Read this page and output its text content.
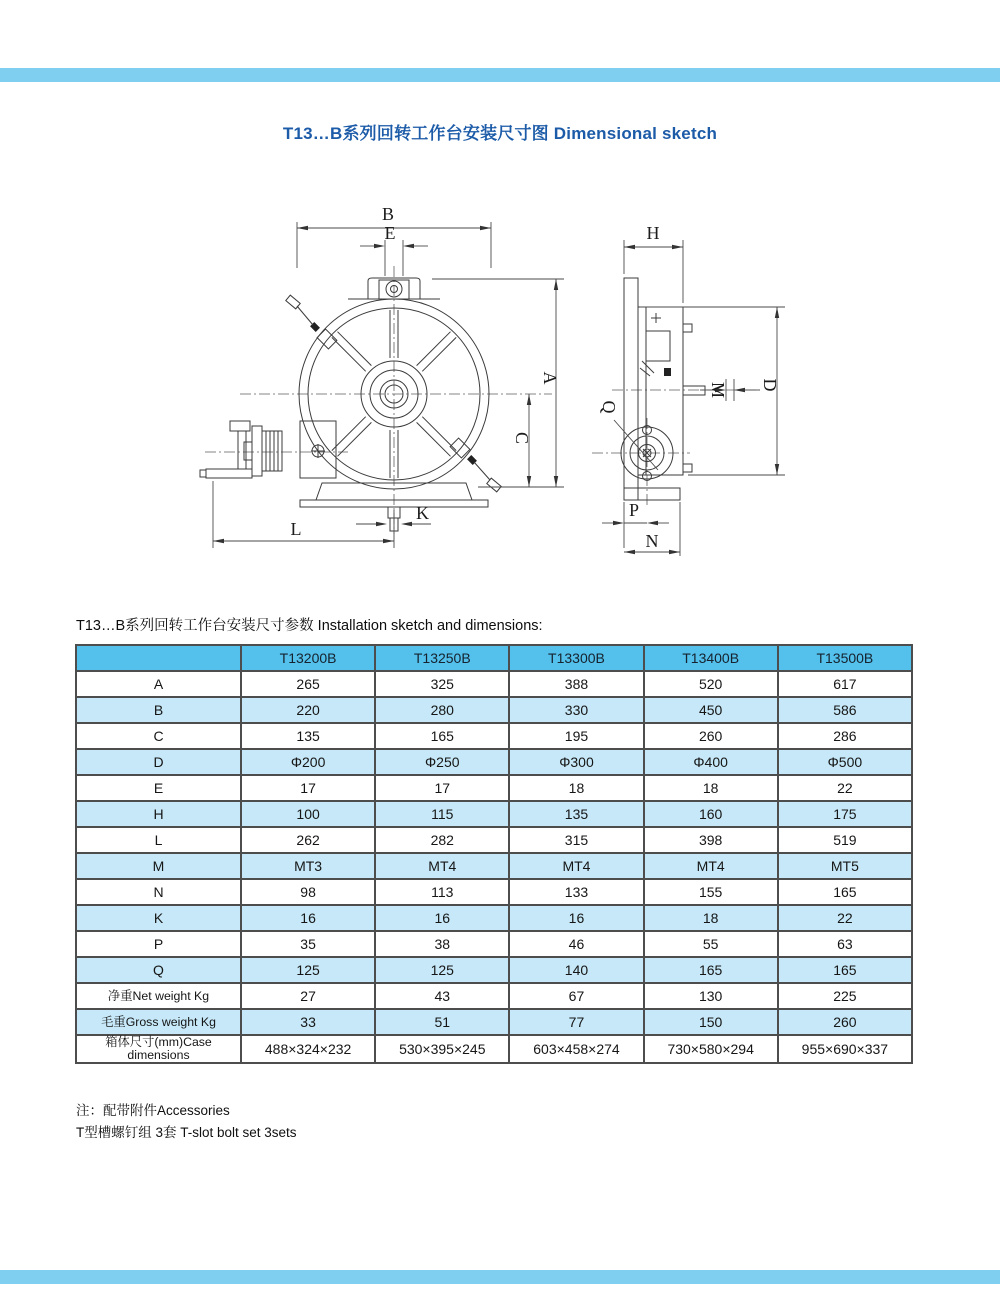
T13…B系列回转工作台安装尺寸图 Dimensional sketch
B
E
A
C
K
L
H
D
M
Q
P
N
T13…B系列回转工作台安装尺寸参数 Installation sketch and dimensions:
	T13200B	T13250B	T13300B	T13400B	T13500B
A	265	325	388	520	617
B	220	280	330	450	586
C	135	165	195	260	286
D	Φ200	Φ250	Φ300	Φ400	Φ500
E	17	17	18	18	22
H	100	115	135	160	175
L	262	282	315	398	519
M	MT3	MT4	MT4	MT4	MT5
N	98	113	133	155	165
K	16	16	16	18	22
P	35	38	46	55	63
Q	125	125	140	165	165
净重Net weight Kg	27	43	67	130	225
毛重Gross weight Kg	33	51	77	150	260
箱体尺寸(mm)Case dimensions	488×324×232	530×395×245	603×458×274	730×580×294	955×690×337
注：配带附件Accessories
T型槽螺钉组 3套 T-slot bolt set 3sets
